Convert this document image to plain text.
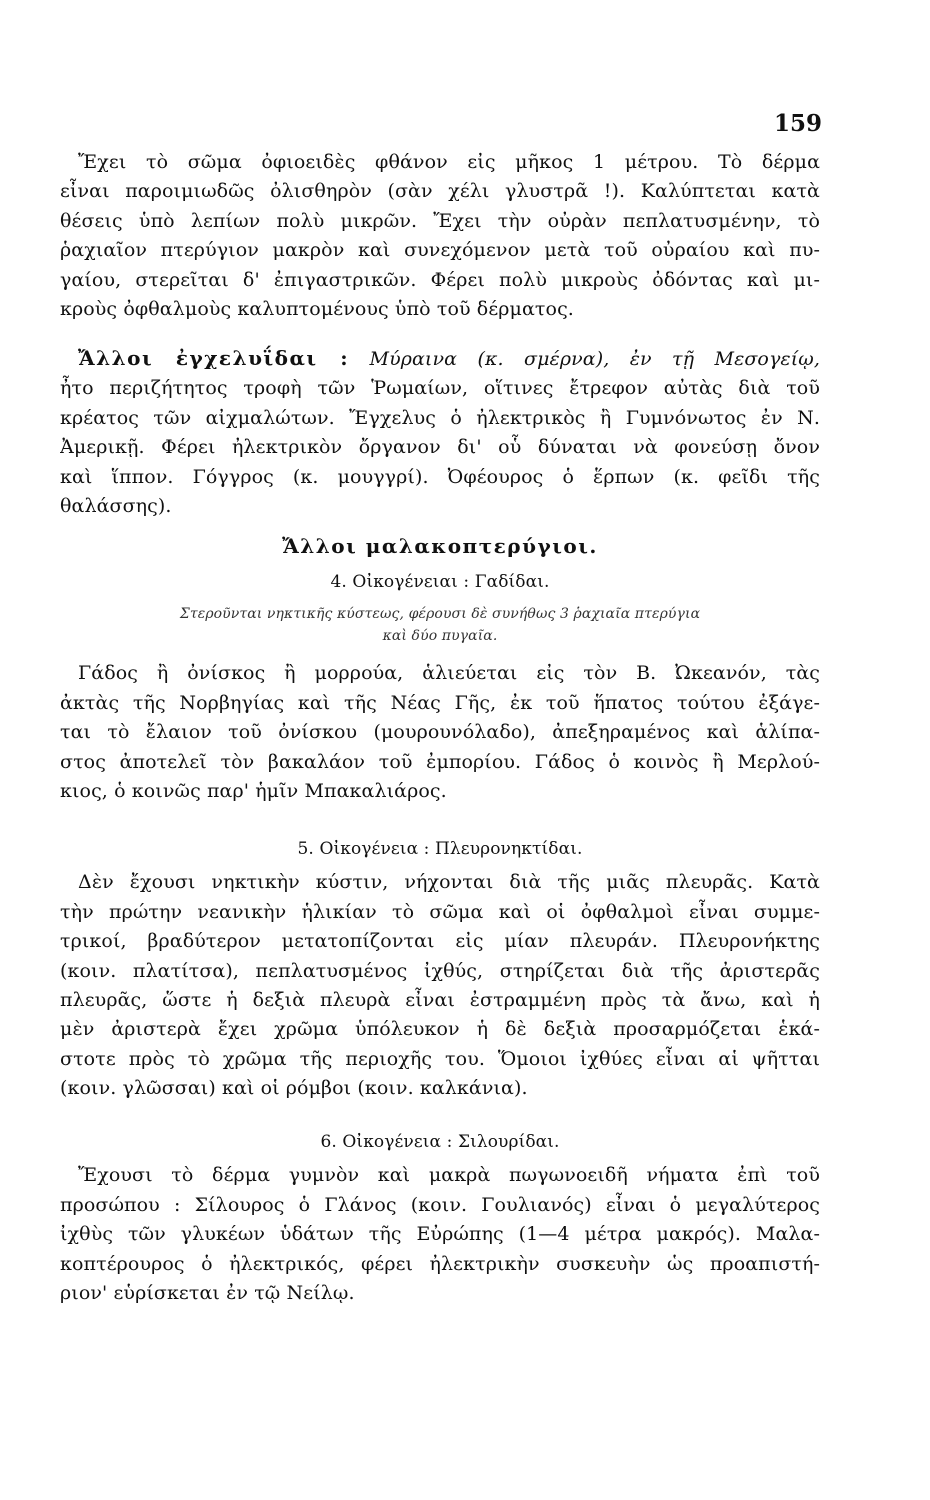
159
Ἔχει τὸ σῶμα ὀφιοειδὲς φθάνον εἰς μῆκος 1 μέτρου. Τὸ δέρμα
εἶναι παροιμιωδῶς ὀλισθηρὸν (σὰν χέλι γλυστρᾶ !). Καλύπτεται κατὰ
θέσεις ὑπὸ λεπίων πολὺ μικρῶν. Ἔχει τὴν οὐρὰν πεπλατυσμένην, τὸ
ῥαχιαῖον πτερύγιον μακρὸν καὶ συνεχόμενον μετὰ τοῦ οὐραίου καὶ πυ-
γαίου, στερεῖται δ' ἐπιγαστρικῶν. Φέρει πολὺ μικροὺς ὀδόντας καὶ μι-
κροὺς ὀφθαλμοὺς καλυπτομένους ὑπὸ τοῦ δέρματος.
Ἄλλοι ἐγχελυΐδαι : Μύραινα (κ. σμέρνα), ἐν τῇ Μεσογείῳ,
ἦτο περιζήτητος τροφὴ τῶν Ῥωμαίων, οἵτινες ἔτρεφον αὐτὰς διὰ τοῦ
κρέατος τῶν αἰχμαλώτων. Ἔγχελυς ὁ ἠλεκτρικὸς ἢ Γυμνόνωτος ἐν Ν.
Ἀμερικῇ. Φέρει ἠλεκτρικὸν ὄργανον δι' οὗ δύναται νὰ φονεύσῃ ὄνον
καὶ ἵππον. Γόγγρος (κ. μουγγρί). Ὀφέουρος ὁ ἕρπων (κ. φεῖδι τῆς
θαλάσσης).
Ἄλλοι μαλακοπτερύγιοι.
4. Οἰκογένειαι : Γαδίδαι.
Στεροῦνται νηκτικῆς κύστεως, φέρουσι δὲ συνήθως 3 ῥαχιαῖα πτερύγια
καὶ δύο πυγαῖα.
Γάδος ἢ ὀνίσκος ἢ μορρούα, ἁλιεύεται εἰς τὸν Β. Ὠκεανόν, τὰς
ἀκτὰς τῆς Νορβηγίας καὶ τῆς Νέας Γῆς, ἐκ τοῦ ἥπατος τούτου ἐξάγε-
ται τὸ ἔλαιον τοῦ ὀνίσκου (μουρουνόλαδο), ἀπεξηραμένος καὶ ἁλίπα-
στος ἀποτελεῖ τὸν βακαλάον τοῦ ἐμπορίου. Γάδος ὁ κοινὸς ἢ Μερλού-
κιος, ὁ κοινῶς παρ' ἡμῖν Μπακαλιάρος.
5. Οἰκογένεια : Πλευρονηκτίδαι.
Δὲν ἔχουσι νηκτικὴν κύστιν, νήχονται διὰ τῆς μιᾶς πλευρᾶς. Κατὰ
τὴν πρώτην νεανικὴν ἡλικίαν τὸ σῶμα καὶ οἱ ὀφθαλμοὶ εἶναι συμμε-
τρικοί, βραδύτερον μετατοπίζονται εἰς μίαν πλευράν. Πλευρονήκτης
(κοιν. πλατίτσα), πεπλατυσμένος ἰχθύς, στηρίζεται διὰ τῆς ἀριστερᾶς
πλευρᾶς, ὥστε ἡ δεξιὰ πλευρὰ εἶναι ἐστραμμένη πρὸς τὰ ἄνω, καὶ ἡ
μὲν ἀριστερὰ ἔχει χρῶμα ὑπόλευκον ἡ δὲ δεξιὰ προσαρμόζεται ἑκά-
στοτε πρὸς τὸ χρῶμα τῆς περιοχῆς του. Ὅμοιοι ἰχθύες εἶναι αἱ ψῆτται
(κοιν. γλῶσσαι) καὶ οἱ ρόμβοι (κοιν. καλκάνια).
6. Οἰκογένεια : Σιλουρίδαι.
Ἔχουσι τὸ δέρμα γυμνὸν καὶ μακρὰ πωγωνοειδῆ νήματα ἐπὶ τοῦ
προσώπου : Σίλουρος ὁ Γλάνος (κοιν. Γουλιανός) εἶναι ὁ μεγαλύτερος
ἰχθὺς τῶν γλυκέων ὑδάτων τῆς Εὐρώπης (1—4 μέτρα μακρός). Μαλα-
κοπτέρουρος ὁ ἠλεκτρικός, φέρει ἠλεκτρικὴν συσκευὴν ὡς προαπιστή-
ριον' εὑρίσκεται ἐν τῷ Νείλῳ.
